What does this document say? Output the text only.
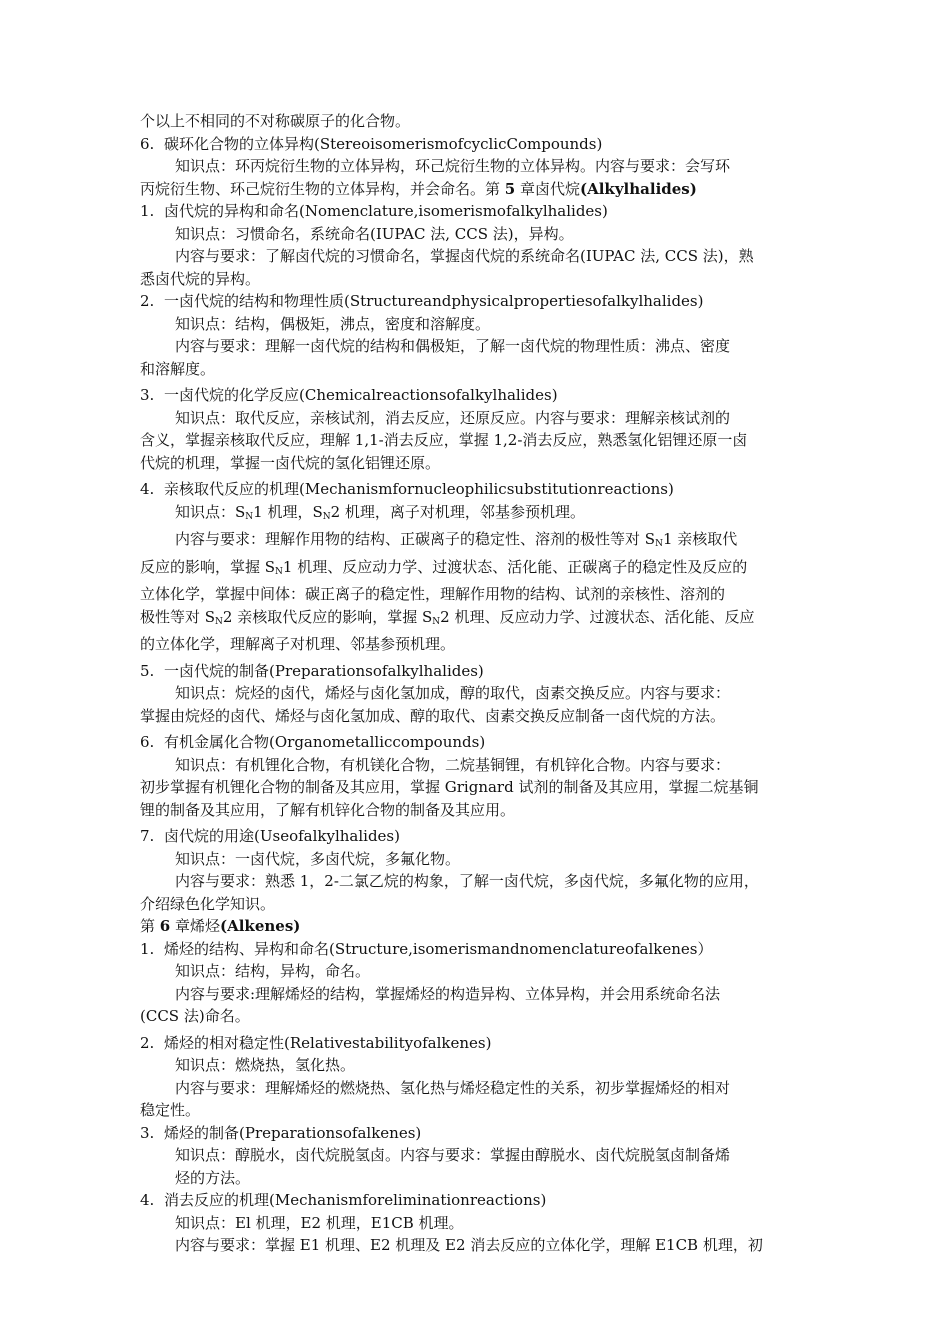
个以上不相同的不对称碳原子的化合物。
6. 碳环化合物的立体异构(StereoisomerismofcyclicCompounds)
知识点：环丙烷衍生物的立体异构，环己烷衍生物的立体异构。内容与要求：会写环
丙烷衍生物、环己烷衍生物的立体异构，并会命名。第 5 章卤代烷(Alkylhalides)
1. 卤代烷的异构和命名(Nomenclature,isomerismofalkylhalides)
知识点：习惯命名，系统命名(IUPAC 法, CCS 法)，异构。
内容与要求：了解卤代烷的习惯命名，掌握卤代烷的系统命名(IUPAC 法, CCS 法)，熟
悉卤代烷的异构。
2. 一卤代烷的结构和物理性质(Structureandphysicalpropertiesofalkylhalides)
知识点：结构，偶极矩，沸点，密度和溶解度。
内容与要求：理解一卤代烷的结构和偶极矩，了解一卤代烷的物理性质：沸点、密度
和溶解度。
3. 一卤代烷的化学反应(Chemicalreactionsofalkylhalides)
知识点：取代反应，亲核试剂，消去反应，还原反应。内容与要求：理解亲核试剂的
含义，掌握亲核取代反应，理解 1,1-消去反应，掌握 1,2-消去反应，熟悉氢化铝锂还原一卤
代烷的机理，掌握一卤代烷的氢化铝锂还原。
4. 亲核取代反应的机理(Mechanismfornucleophilicsubstitutionreactions)
知识点：$S_N1$ 机理，$S_N2$ 机理，离子对机理，邻基参预机理。
内容与要求：理解作用物的结构、正碳离子的稳定性、溶剂的极性等对 $S_N1$ 亲核取代
反应的影响，掌握 $S_N1$ 机理、反应动力学、过渡状态、活化能、正碳离子的稳定性及反应的
立体化学，掌握中间体：碳正离子的稳定性，理解作用物的结构、试剂的亲核性、溶剂的
极性等对 $S_N2$ 亲核取代反应的影响，掌握 $S_N2$ 机理、反应动力学、过渡状态、活化能、反应
的立体化学，理解离子对机理、邻基参预机理。
5. 一卤代烷的制备(Preparationsofalkylhalides)
知识点：烷烃的卤代，烯烃与卤化氢加成，醇的取代，卤素交换反应。内容与要求：
掌握由烷烃的卤代、烯烃与卤化氢加成、醇的取代、卤素交换反应制备一卤代烷的方法。
6. 有机金属化合物(Organometalliccompounds)
知识点：有机锂化合物，有机镁化合物，二烷基铜锂，有机锌化合物。内容与要求：
初步掌握有机锂化合物的制备及其应用，掌握 Grignard 试剂的制备及其应用，掌握二烷基铜
锂的制备及其应用，了解有机锌化合物的制备及其应用。
7. 卤代烷的用途(Useofalkylhalides)
知识点：一卤代烷，多卤代烷，多氟化物。
内容与要求：熟悉 1，2-二氯乙烷的构象，了解一卤代烷，多卤代烷，多氟化物的应用，
介绍绿色化学知识。
第 6 章烯烃(Alkenes)
1. 烯烃的结构、异构和命名(Structure,isomerismandnomenclatureofalkenes）
知识点：结构，异构，命名。
内容与要求:理解烯烃的结构，掌握烯烃的构造异构、立体异构，并会用系统命名法
(CCS 法)命名。
2. 烯烃的相对稳定性(Relativestabilityofalkenes)
知识点：燃烧热，氢化热。
内容与要求：理解烯烃的燃烧热、氢化热与烯烃稳定性的关系，初步掌握烯烃的相对
稳定性。
3. 烯烃的制备(Preparationsofalkenes)
知识点：醇脱水，卤代烷脱氢卤。内容与要求：掌握由醇脱水、卤代烷脱氢卤制备烯
烃的方法。
4. 消去反应的机理(Mechanismforeliminationreactions)
知识点：El 机理，E2 机理，E1CB 机理。
内容与要求：掌握 E1 机理、E2 机理及 E2 消去反应的立体化学，理解 E1CB 机理，初
